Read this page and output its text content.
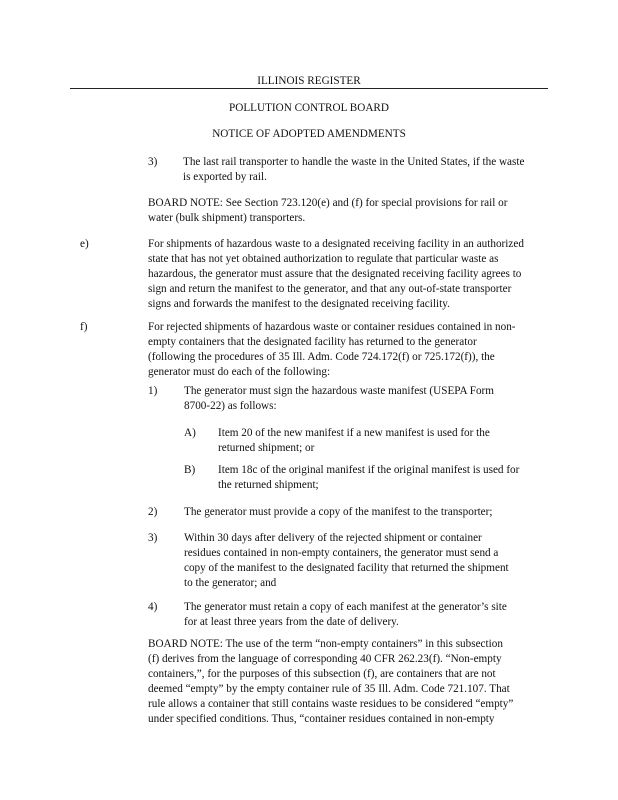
ILLINOIS REGISTER
POLLUTION CONTROL BOARD
NOTICE OF ADOPTED AMENDMENTS
3) The last rail transporter to handle the waste in the United States, if the waste
is exported by rail.
BOARD NOTE: See Section 723.120(e) and (f) for special provisions for rail or
water (bulk shipment) transporters.
e)	For shipments of hazardous waste to a designated receiving facility in an authorized
state that has not yet obtained authorization to regulate that particular waste as
hazardous, the generator must assure that the designated receiving facility agrees to
sign and return the manifest to the generator, and that any out-of-state transporter
signs and forwards the manifest to the designated receiving facility.
f)	For rejected shipments of hazardous waste or container residues contained in non-
empty containers that the designated facility has returned to the generator
(following the procedures of 35 Ill. Adm. Code 724.172(f) or 725.172(f)), the
generator must do each of the following:
1) The generator must sign the hazardous waste manifest (USEPA Form
8700-22) as follows:
A) Item 20 of the new manifest if a new manifest is used for the
returned shipment; or
B) Item 18c of the original manifest if the original manifest is used for
the returned shipment;
2) The generator must provide a copy of the manifest to the transporter;
3) Within 30 days after delivery of the rejected shipment or container
residues contained in non-empty containers, the generator must send a
copy of the manifest to the designated facility that returned the shipment
to the generator; and
4) The generator must retain a copy of each manifest at the generator’s site
for at least three years from the date of delivery.
BOARD NOTE: The use of the term “non-empty containers” in this subsection
(f) derives from the language of corresponding 40 CFR 262.23(f). “Non-empty
containers,”, for the purposes of this subsection (f), are containers that are not
deemed “empty” by the empty container rule of 35 Ill. Adm. Code 721.107. That
rule allows a container that still contains waste residues to be considered “empty”
under specified conditions. Thus, “container residues contained in non-empty
